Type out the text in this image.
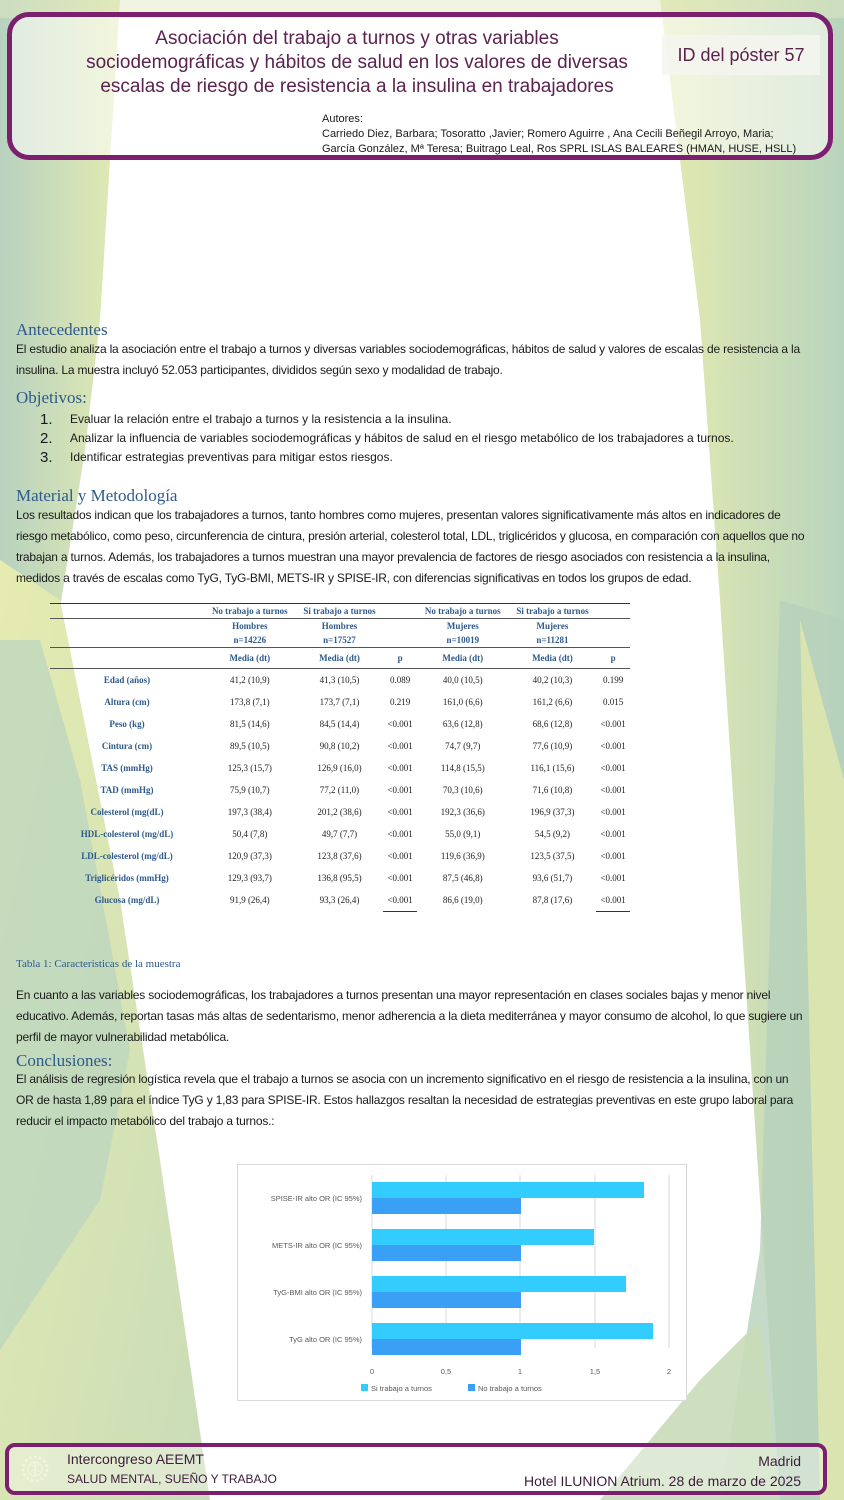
Asociación del trabajo a turnos y otras variables
sociodemográficas y hábitos de salud en los valores de diversas
escalas de riesgo de resistencia a la insulina en trabajadores
ID del póster 57
Autores:
Carriedo Diez, Barbara; Tosoratto ,Javier; Romero Aguirre , Ana Cecili Beñegil Arroyo, Maria;
García González, Mª Teresa; Buitrago Leal, Ros SPRL ISLAS BALEARES (HMAN, HUSE, HSLL)
Antecedentes
El estudio analiza la asociación entre el trabajo a turnos y diversas variables sociodemográficas, hábitos de salud y valores de escalas de resistencia a la insulina. La muestra incluyó 52.053 participantes, divididos según sexo y modalidad de trabajo.
Objetivos:
1.	Evaluar la relación entre el trabajo a turnos y la resistencia a la insulina.
2.	Analizar la influencia de variables sociodemográficas y hábitos de salud en el riesgo metabólico de los trabajadores a turnos.
3.	Identificar estrategias preventivas para mitigar estos riesgos.
Material y Metodología
Los resultados indican que los trabajadores a turnos, tanto hombres como mujeres, presentan valores significativamente más altos en indicadores de riesgo metabólico, como peso, circunferencia de cintura, presión arterial, colesterol total, LDL, triglicéridos y glucosa, en comparación con aquellos que no trabajan a turnos. Además, los trabajadores a turnos muestran una mayor prevalencia de factores de riesgo asociados con resistencia a la insulina, medidos a través de escalas como TyG, TyG-BMI, METS-IR y SPISE-IR, con diferencias significativas en todos los grupos de edad.
	No trabajo a turnos	Si trabajo a turnos		No trabajo a turnos	Si trabajo a turnos	
	Hombres	Hombres		Mujeres	Mujeres	
	n=14226	n=17527		n=10019	n=11281	
	Media (dt)	Media (dt)	p	Media (dt)	Media (dt)	p
Edad (años)	41,2 (10,9)	41,3 (10,5)	0.089	40,0 (10,5)	40,2 (10,3)	0.199
Altura (cm)	173,8 (7,1)	173,7 (7,1)	0.219	161,0 (6,6)	161,2 (6,6)	0.015
Peso (kg)	81,5 (14,6)	84,5 (14,4)	<0.001	63,6 (12,8)	68,6 (12,8)	<0.001
Cintura (cm)	89,5 (10,5)	90,8 (10,2)	<0.001	74,7 (9,7)	77,6 (10,9)	<0.001
TAS (mmHg)	125,3 (15,7)	126,9 (16,0)	<0.001	114,8 (15,5)	116,1 (15,6)	<0.001
TAD (mmHg)	75,9 (10,7)	77,2 (11,0)	<0.001	70,3 (10,6)	71,6 (10,8)	<0.001
Colesterol (mg(dL)	197,3 (38,4)	201,2 (38,6)	<0.001	192,3 (36,6)	196,9 (37,3)	<0.001
HDL-colesterol (mg/dL)	50,4 (7,8)	49,7 (7,7)	<0.001	55,0 (9,1)	54,5 (9,2)	<0.001
LDL-colesterol (mg/dL)	120,9 (37,3)	123,8 (37,6)	<0.001	119,6 (36,9)	123,5 (37,5)	<0.001
Triglicéridos (mmHg)	129,3 (93,7)	136,8 (95,5)	<0.001	87,5 (46,8)	93,6 (51,7)	<0.001
Glucosa (mg/dL)	91,9 (26,4)	93,3 (26,4)	<0.001	86,6 (19,0)	87,8 (17,6)	<0.001
Tabla 1: Caracteristicas de la muestra
En cuanto a las variables sociodemográficas, los trabajadores a turnos presentan una mayor representación en clases sociales bajas y menor nivel educativo. Además, reportan tasas más altas de sedentarismo, menor adherencia a la dieta mediterránea y mayor consumo de alcohol, lo que sugiere un perfil de mayor vulnerabilidad metabólica.
Conclusiones:
El análisis de regresión logística revela que el trabajo a turnos se asocia con un incremento significativo en el riesgo de resistencia a la insulina, con un OR de hasta 1,89 para el índice TyG y 1,83 para SPISE-IR. Estos hallazgos resaltan la necesidad de estrategias preventivas en este grupo laboral para reducir el impacto metabólico del trabajo a turnos.:
SPISE-IR alto OR (IC 95%)
METS-IR alto OR (IC 95%)
TyG-BMI alto OR (IC 95%)
TyG alto OR (IC 95%)
0	0,5	1	1,5	2
Si trabajo a turnos	No trabajo a turnos
Intercongreso AEEMT
SALUD MENTAL, SUEÑO Y TRABAJO
Madrid
Hotel ILUNION Atrium. 28 de marzo de 2025
